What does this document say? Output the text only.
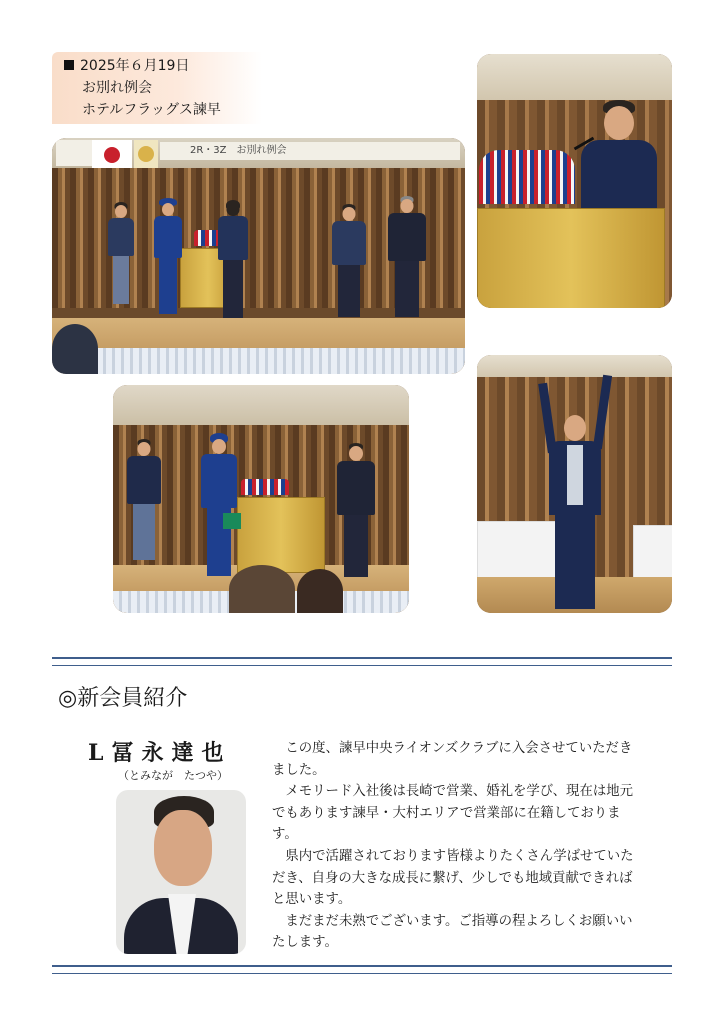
2025年６月19日
お別れ例会
ホテルフラッグス諫早
2R・3Z　お別れ例会
◎新会員紹介
L冨永達也
（とみなが　たつや）

この度、諫早中央ライオンズクラブに入会させていただきました。

メモリード入社後は長崎で営業、婚礼を学び、現在は地元でもあります諫早・大村エリアで営業部に在籍しております。

県内で活躍されております皆様よりたくさん学ばせていただき、自身の大きな成長に繋げ、少しでも地域貢献できればと思います。

まだまだ未熟でございます。ご指導の程よろしくお願いいたします。
